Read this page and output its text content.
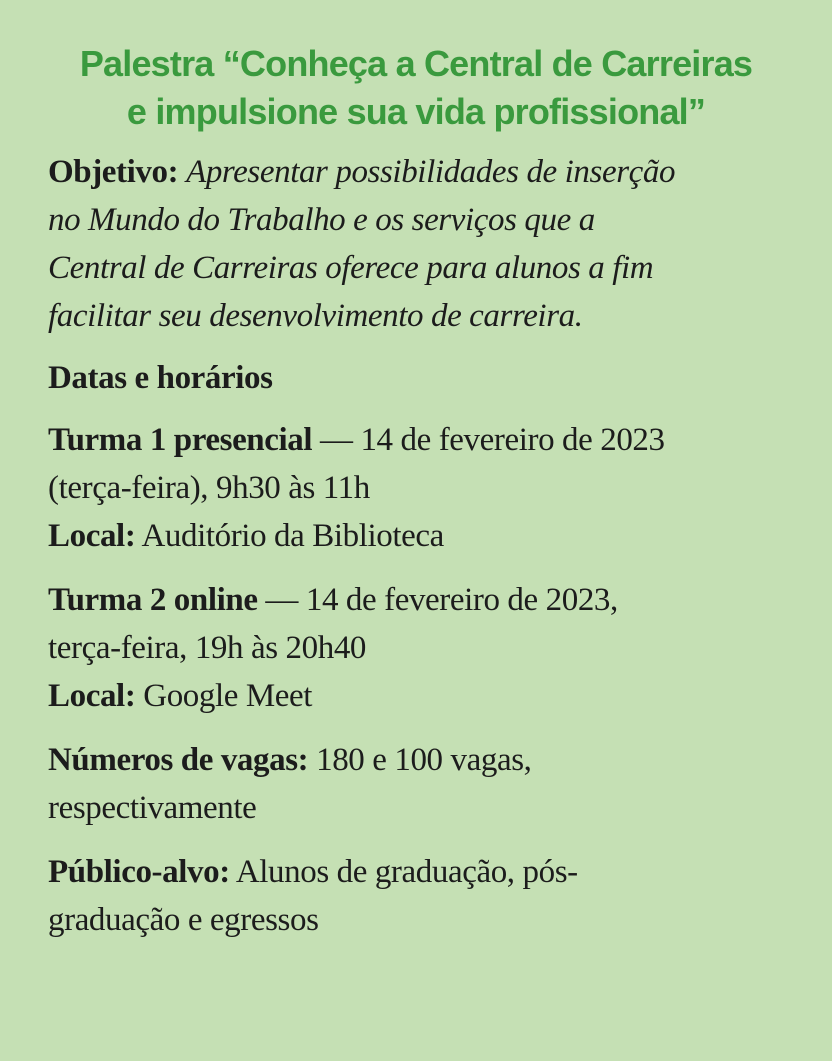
Palestra “Conheça a Central de Carreiras
e impulsione sua vida profissional”
Objetivo: Apresentar possibilidades de inserção
no Mundo do Trabalho e os serviços que a
Central de Carreiras oferece para alunos a fim
facilitar seu desenvolvimento de carreira.
Datas e horários
Turma 1 presencial — 14 de fevereiro de 2023
(terça-feira), 9h30 às 11h
Local: Auditório da Biblioteca
Turma 2 online — 14 de fevereiro de 2023,
terça-feira, 19h às 20h40
Local: Google Meet
Números de vagas: 180 e 100 vagas,
respectivamente
Público-alvo: Alunos de graduação, pós-
graduação e egressos
